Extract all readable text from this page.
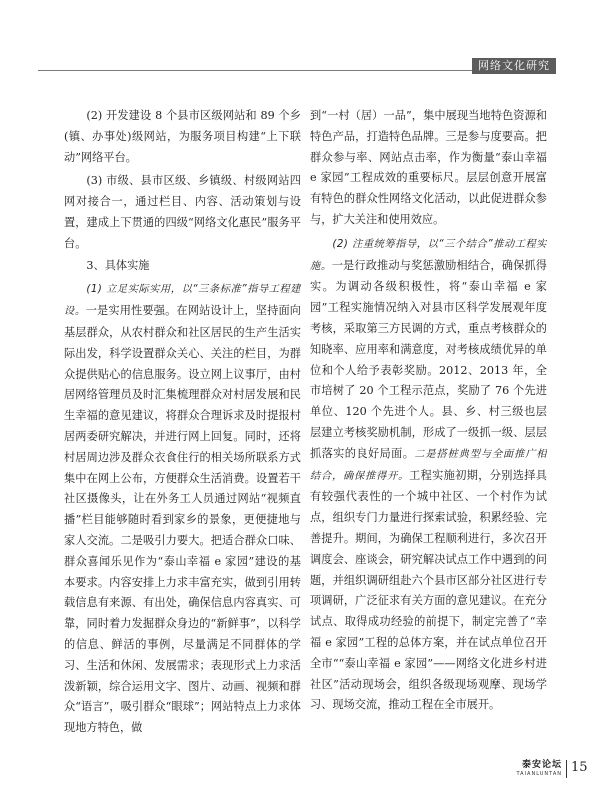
网络文化研究

(2) 开发建设 8 个县市区级网站和 89 个乡(镇、办事处)级网站，为服务项目构建“上下联动”网络平台。

(3) 市级、县市区级、乡镇级、村级网站四网对接合一，通过栏目、内容、活动策划与设置，建成上下贯通的四级“网络文化惠民”服务平台。

3、具体实施

(1) 立足实际实用，以“三条标准”指导工程建设。一是实用性要强。在网站设计上，坚持面向基层群众，从农村群众和社区居民的生产生活实际出发，科学设置群众关心、关注的栏目，为群众提供贴心的信息服务。设立网上议事厅，由村居网络管理员及时汇集梳理群众对村居发展和民生幸福的意见建议，将群众合理诉求及时提报村居两委研究解决，并进行网上回复。同时，还将村居周边涉及群众衣食住行的相关场所联系方式集中在网上公布，方便群众生活消费。设置若干社区摄像头，让在外务工人员通过网站“视频直播”栏目能够随时看到家乡的景象，更便捷地与家人交流。二是吸引力要大。把适合群众口味、群众喜闻乐见作为“泰山幸福 e 家园”建设的基本要求。内容安排上力求丰富充实，做到引用转载信息有来源、有出处，确保信息内容真实、可靠，同时着力发掘群众身边的“新鲜事”，以科学的信息、鲜活的事例，尽量满足不同群体的学习、生活和休闲、发展需求；表现形式上力求活泼新颖，综合运用文字、图片、动画、视频和群众“语言”，吸引群众“眼球”；网站特点上力求体现地方特色，做

到“一村（居）一品”，集中展现当地特色资源和特色产品，打造特色品牌。三是参与度要高。把群众参与率、网站点击率，作为衡量“泰山幸福 e 家园”工程成效的重要标尺。层层创意开展富有特色的群众性网络文化活动，以此促进群众参与，扩大关注和使用效应。

(2) 注重统筹指导，以“三个结合”推动工程实施。一是行政推动与奖惩激励相结合，确保抓得实。为调动各级积极性，将“泰山幸福 e 家园”工程实施情况纳入对县市区科学发展观年度考核，采取第三方民调的方式，重点考核群众的知晓率、应用率和满意度，对考核成绩优异的单位和个人给予表彰奖励。2012、2013 年，全市培树了 20 个工程示范点，奖励了 76 个先进单位、120 个先进个人。县、乡、村三级也层层建立考核奖励机制，形成了一级抓一级、层层抓落实的良好局面。二是搭桩典型与全面推广相结合，确保推得开。工程实施初期，分别选择具有较强代表性的一个城中社区、一个村作为试点，组织专门力量进行探索试验，积累经验、完善提升。期间，为确保工程顺利进行，多次召开调度会、座谈会，研究解决试点工作中遇到的问题，并组织调研组赴六个县市区部分社区进行专项调研，广泛征求有关方面的意见建议。在充分试点、取得成功经验的前提下，制定完善了“幸福 e 家园”工程的总体方案，并在试点单位召开全市““泰山幸福 e 家园”——网络文化进乡村进社区”活动现场会，组织各级现场观摩、现场学习、现场交流，推动工程在全市展开。

泰安论坛
TAIANLUNTAN 15
